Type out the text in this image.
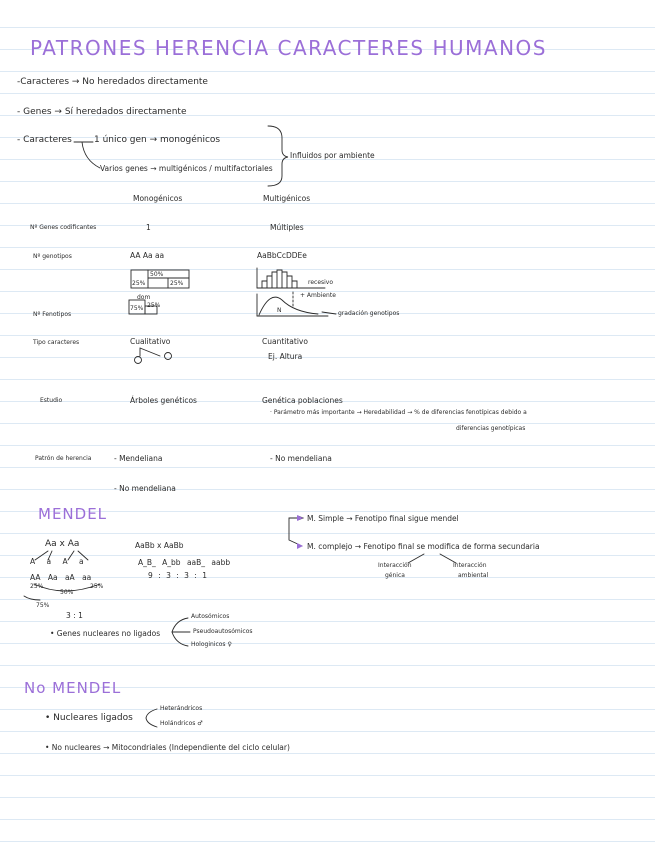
PATRONES HERENCIA CARACTERES HUMANOS
-Caracteres → No heredados directamente
- Genes → Sí heredados directamente
- Caracteres 1 único gen → monogénicos
Varios genes → multigénicos / multifactoriales
Influidos por ambiente
Monogénicos	Multigénicos
Nº Genes codificantes	1	Múltiples
Nº genotipos	AA Aa aa	AaBbCcDDEe
50%
25%	25%	recesivo
dom
75% 25%
+ Ambiente
N	gradación genotipos
Nº Fenotipos
Tipo caracteres	Cualitativo	Cuantitativo
Ej. Altura
Estudio	Árboles genéticos	Genética poblaciones
· Parámetro más importante → Heredabilidad → % de diferencias fenotípicas debido a
diferencias genotípicas
Patrón de herencia	- Mendeliana	- No mendeliana
- No mendeliana
MENDEL
Aa x Aa
A a A a
AA Aa aA aa
25%	25%
50%
75%
3 : 1
AaBb x AaBb
A_B_ A_bb aaB_ aabb
9 : 3 : 3 : 1
M. Simple → Fenotipo final sigue mendel
M. complejo → Fenotipo final se modifica de forma secundaria
Interacción
génica
Interacción
ambiental
• Genes nucleares no ligados
Autosómicos
Pseudoautosómicos
Hologinicos ♀
No MENDEL
• Nucleares ligados
Heterándricos
Holándricos ♂
• No nucleares → Mitocondriales (Independiente del ciclo celular)
